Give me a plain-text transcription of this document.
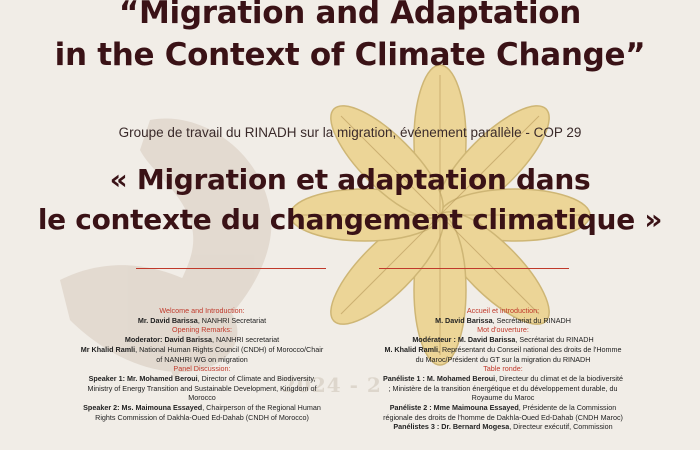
“Migration and Adaptation
in the Context of Climate Change”
Groupe de travail du RINADH sur la migration, événement parallèle - COP 29
« Migration et adaptation dans
le contexte du changement climatique »
2024 - 2
Welcome and Introduction:
Mr. David Barissa, NANHRI Secretariat
Opening Remarks:
Moderator: David Barissa, NANHRI secretariat
Mr Khalid Ramli, National Human Rights Council (CNDH) of Morocco/Chair
of NANHRI WG on migration
Panel Discussion:
Speaker 1: Mr. Mohamed Beroui, Director of Climate and Biodiversity,
Ministry of Energy Transition and Sustainable Development, Kingdom of
Morocco
Speaker 2: Ms. Maimouna Essayed, Chairperson of the Regional Human
Rights Commission of Dakhla-Oued Ed-Dahab (CNDH of Morocco)
Accueil et introduction:
M. David Barissa, Secrétariat du RINADH
Mot d'ouverture:
Modérateur : M. David Barissa, Secrétariat du RINADH
M. Khalid Ramli, Représentant du Conseil national des droits de l'Homme
du Maroc/Président du GT sur la migration du RINADH
Table ronde:
Panéliste 1 : M. Mohamed Beroui, Directeur du climat et de la biodiversité
; Ministère de la transition énergétique et du développement durable, du
Royaume du Maroc
Panéliste 2 : Mme Maimouna Essayed, Présidente de la Commission
régionale des droits de l'homme de Dakhla-Oued Ed-Dahab (CNDH Maroc)
Panélistes 3 : Dr. Bernard Mogesa, Directeur exécutif, Commission
